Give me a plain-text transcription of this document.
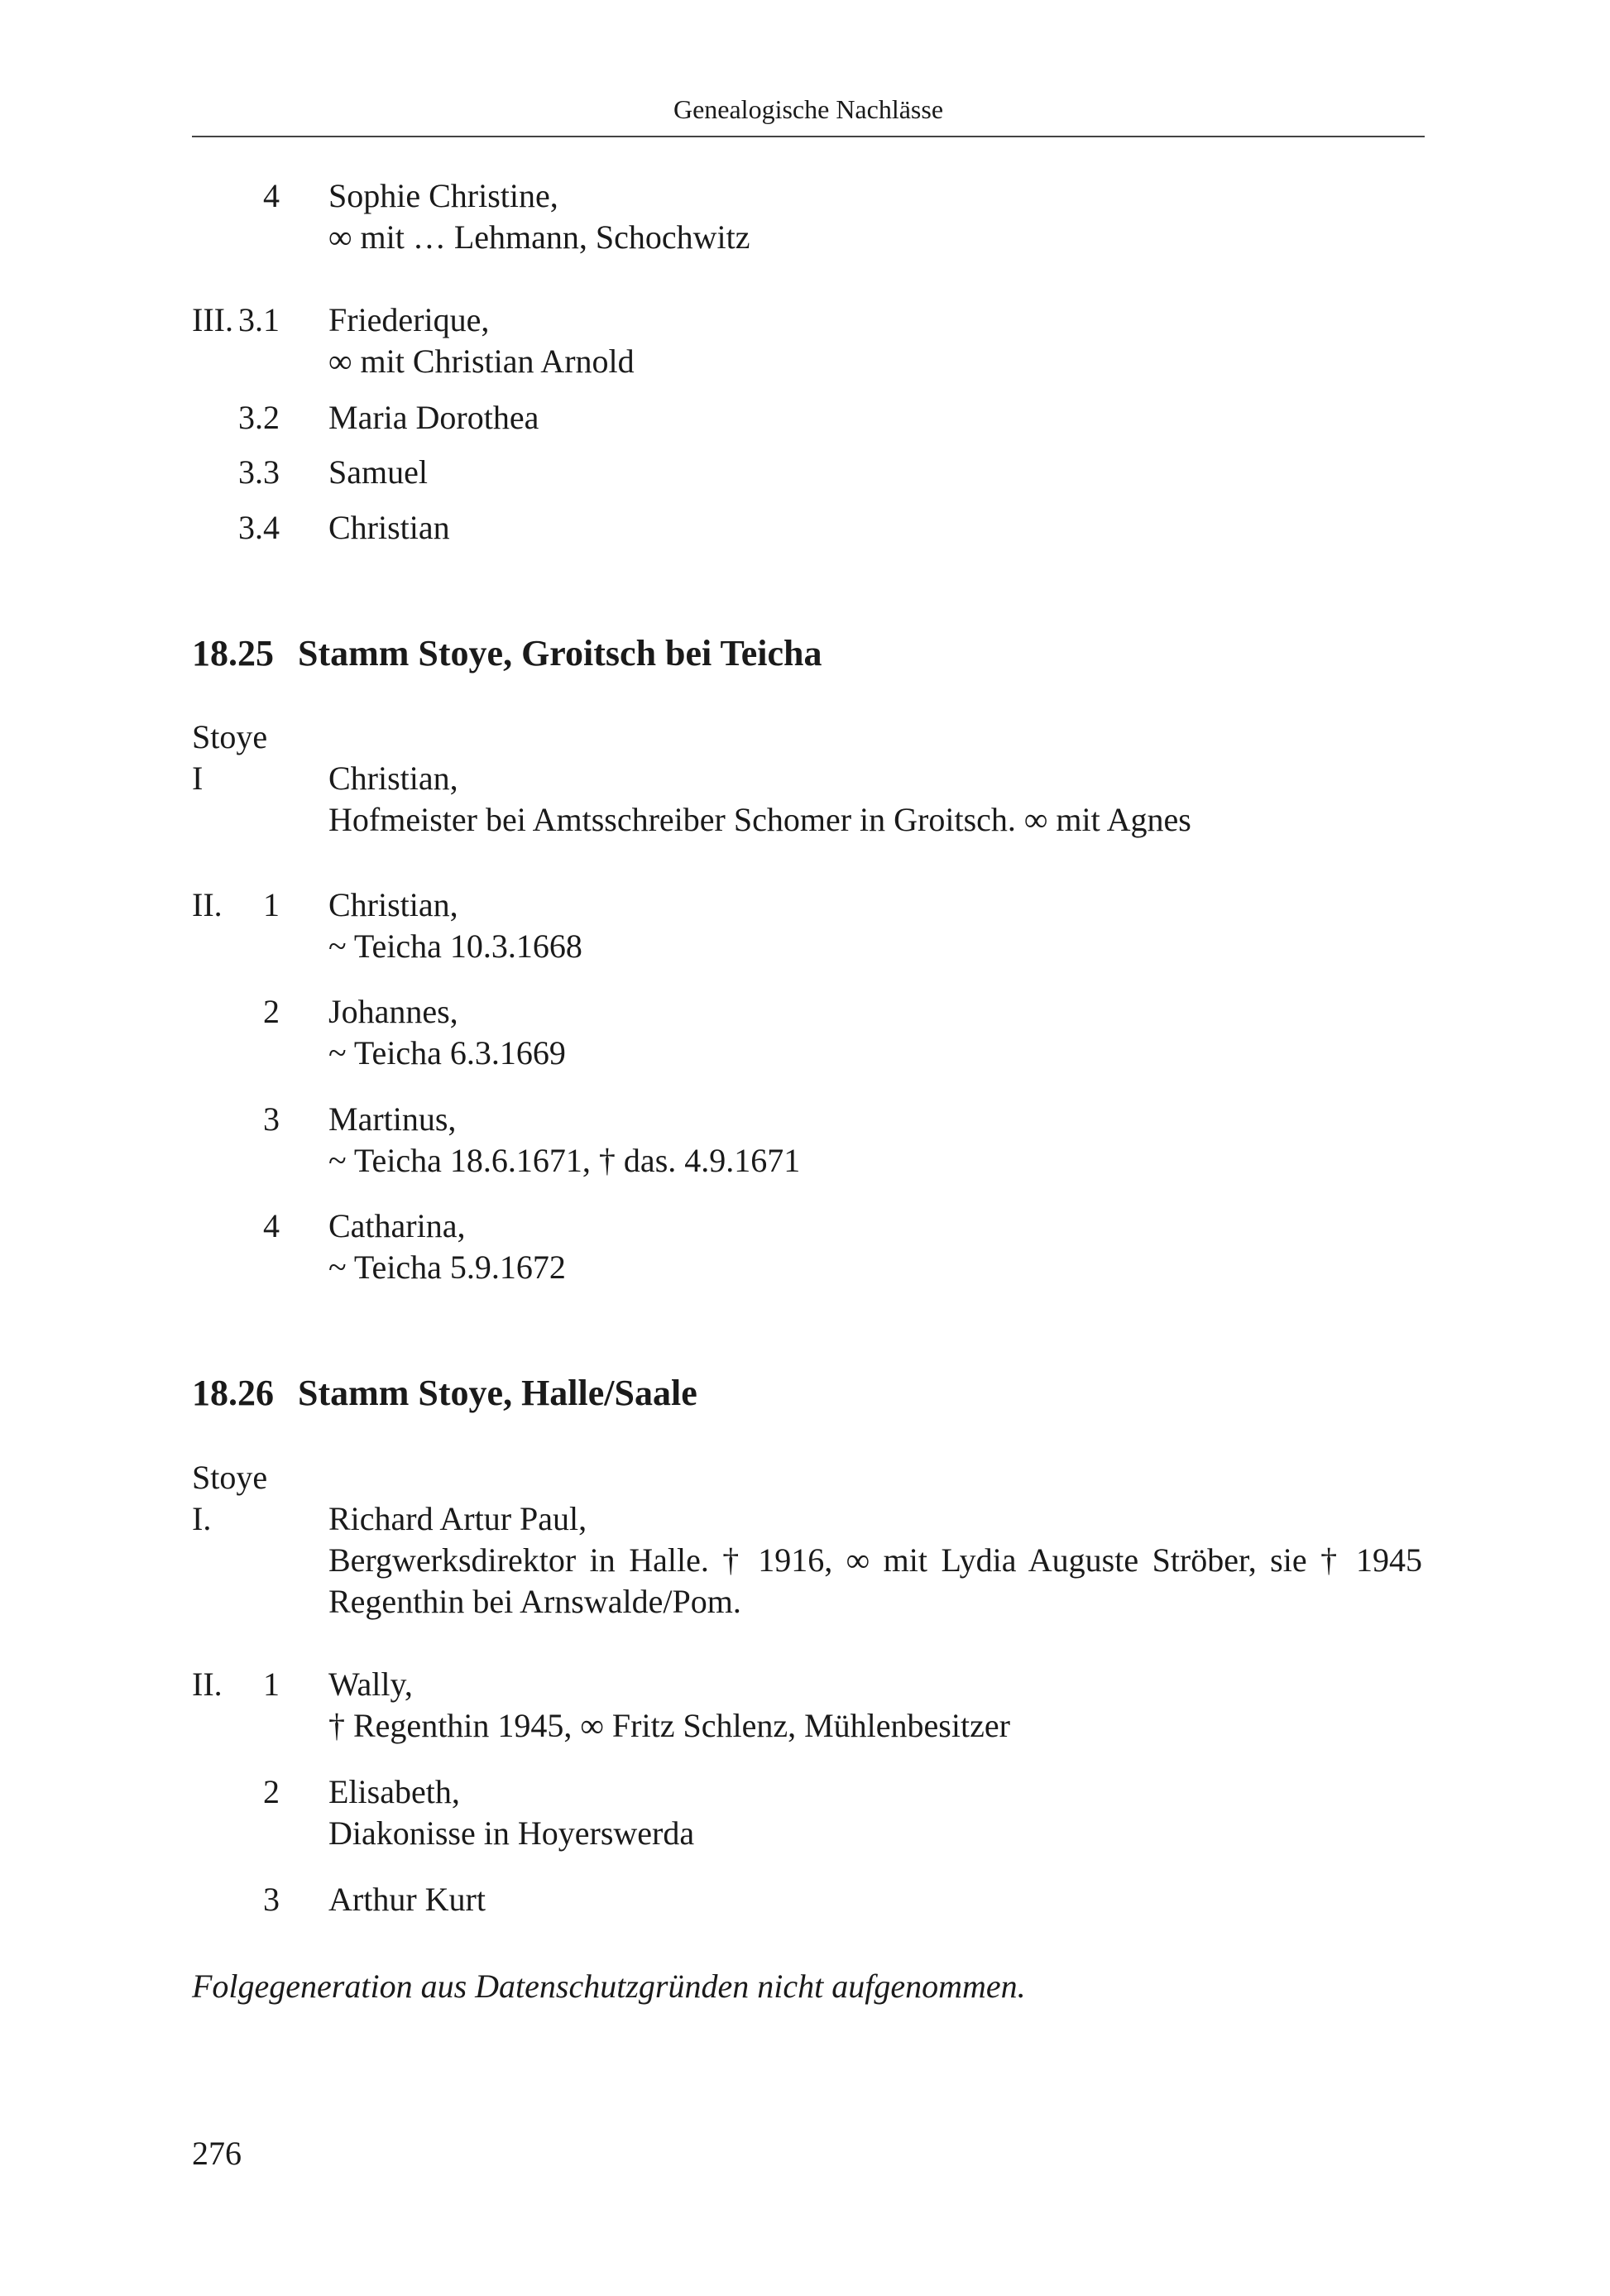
Genealogische Nachlässe
4 Sophie Christine,
∞ mit … Lehmann, Schochwitz
III. 3.1 Friederique,
∞ mit Christian Arnold
3.2 Maria Dorothea
3.3 Samuel
3.4 Christian
18.25 Stamm Stoye, Groitsch bei Teicha
Stoye
I	Christian,
Hofmeister bei Amtsschreiber Schomer in Groitsch. ∞ mit Agnes
II.	1 Christian,
~ Teicha 10.3.1668
2 Johannes,
~ Teicha 6.3.1669
3 Martinus,
~ Teicha 18.6.1671, † das. 4.9.1671
4 Catharina,
~ Teicha 5.9.1672
18.26 Stamm Stoye, Halle/Saale
Stoye
I.	Richard Artur Paul,
Bergwerksdirektor in Halle. † 1916, ∞ mit Lydia Auguste Ströber, sie † 1945
Regenthin bei Arnswalde/Pom.
II.	1 Wally,
† Regenthin 1945, ∞ Fritz Schlenz, Mühlenbesitzer
2 Elisabeth,
Diakonisse in Hoyerswerda
3 Arthur Kurt
Folgegeneration aus Datenschutzgründen nicht aufgenommen.
276
